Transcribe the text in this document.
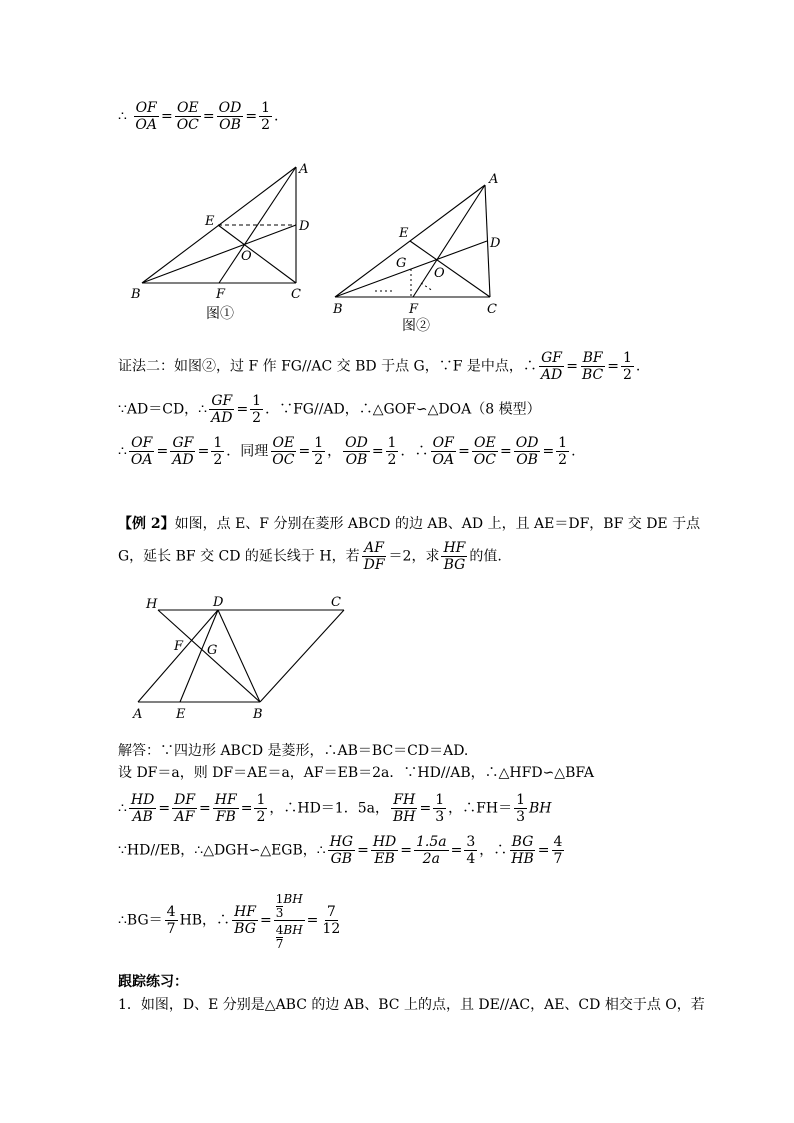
∴ $\frac{OF}{OA} = \frac{OE}{OC} = \frac{OD}{OB} = \frac{1}{2}$ .
A
B	C
D
E
F
O
图①
A
B	C
D
E
F
G
O
图②
证法二：如图②，过 F 作 FG//AC 交 BD 于点 G，∵F 是中点，∴ $\frac{GF}{AD} = \frac{BF}{BC} = \frac{1}{2}$ .
∵AD＝CD，∴ $\frac{GF}{AD} = \frac{1}{2}$ ．∵FG//AD，∴△GOF∽△DOA（8 模型）
∴ $\frac{OF}{OA} = \frac{GF}{AD} = \frac{1}{2}$ ．同理 $\frac{OE}{OC} = \frac{1}{2}$ ， $\frac{OD}{OB} = \frac{1}{2}$ ．∴ $\frac{OF}{OA} = \frac{OE}{OC} = \frac{OD}{OB} = \frac{1}{2}$ .
【例 2】如图，点 E、F 分别在菱形 ABCD 的边 AB、AD 上，且 AE＝DF，BF 交 DE 于点
G，延长 BF 交 CD 的延长线于 H，若 $\frac{AF}{DF} =2$，求 $\frac{HF}{BG}$ 的值.
H	D	C
F G
A	E	B
解答：∵四边形 ABCD 是菱形，∴AB＝BC＝CD＝AD.
设 DF＝a，则 DF＝AE＝a，AF＝EB＝2a．∵HD//AB，∴△HFD∽△BFA
∴ $\frac{HD}{AB} = \frac{DF}{AF} = \frac{HF}{FB} = \frac{1}{2}$ ，∴HD＝1．5a， $\frac{FH}{BH} = \frac{1}{3}$ ，∴FH＝ $\frac{1}{3}$ BH
∵HD//EB，∴△DGH∽△EGB，∴ $\frac{HG}{GB} = \frac{HD}{EB} = \frac{1.5a}{2a} = \frac{3}{4}$ ，∴ $\frac{BG}{HB} = \frac{4}{7}$
∴BG＝ $\frac{4}{7}$ HB，∴ $\frac{HF}{BG} = \frac{\frac{1}{3} BH}{\frac{4}{7} BH} = \frac{7}{12}$
跟踪练习：
1．如图，D、E 分别是△ABC 的边 AB、BC 上的点，且 DE//AC，AE、CD 相交于点 O，若
